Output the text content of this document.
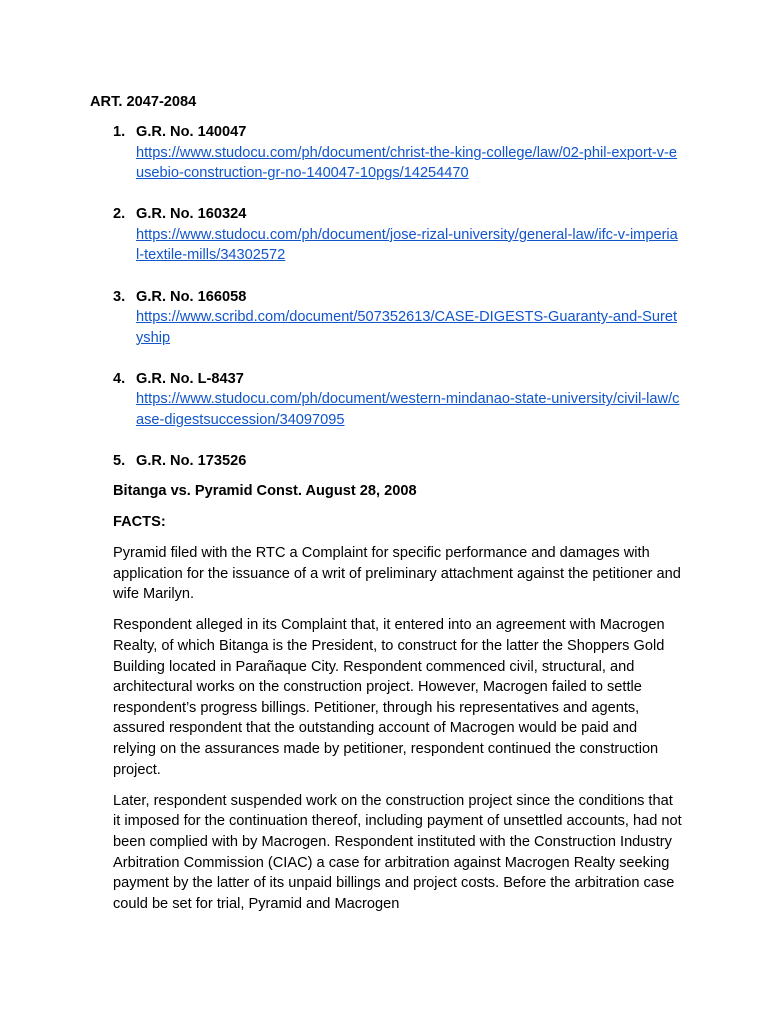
ART. 2047-2084
1. G.R. No. 140047
https://www.studocu.com/ph/document/christ-the-king-college/law/02-phil-export-v-eusebio-construction-gr-no-140047-10pgs/14254470
2. G.R. No. 160324
https://www.studocu.com/ph/document/jose-rizal-university/general-law/ifc-v-imperial-textile-mills/34302572
3. G.R. No. 166058
https://www.scribd.com/document/507352613/CASE-DIGESTS-Guaranty-and-Suretyship
4. G.R. No. L-8437
https://www.studocu.com/ph/document/western-mindanao-state-university/civil-law/case-digestsuccession/34097095
5. G.R. No. 173526

Bitanga vs. Pyramid Const. August 28, 2008

FACTS:

Pyramid filed with the RTC a Complaint for specific performance and damages with application for the issuance of a writ of preliminary attachment against the petitioner and wife Marilyn.

Respondent alleged in its Complaint that, it entered into an agreement with Macrogen Realty, of which Bitanga is the President, to construct for the latter the Shoppers Gold Building located in Parañaque City. Respondent commenced civil, structural, and architectural works on the construction project. However, Macrogen failed to settle respondent’s progress billings. Petitioner, through his representatives and agents, assured respondent that the outstanding account of Macrogen would be paid and relying on the assurances made by petitioner, respondent continued the construction project.

Later, respondent suspended work on the construction project since the conditions that it imposed for the continuation thereof, including payment of unsettled accounts, had not been complied with by Macrogen. Respondent instituted with the Construction Industry Arbitration Commission (CIAC) a case for arbitration against Macrogen Realty seeking payment by the latter of its unpaid billings and project costs. Before the arbitration case could be set for trial, Pyramid and Macrogen
